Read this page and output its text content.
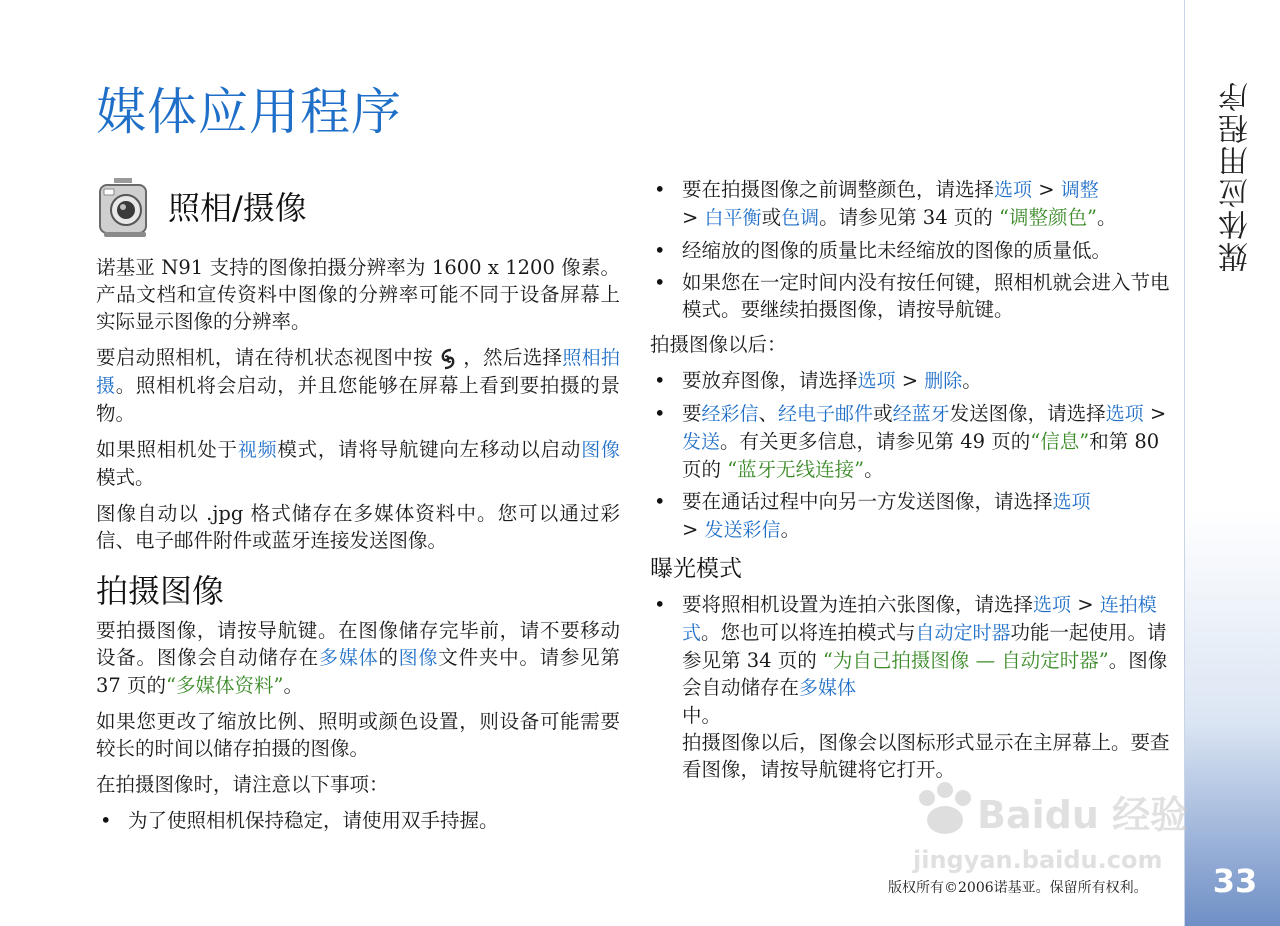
媒体应用程序	媒体应用程序
33
照相/摄像

诺基亚 N91 支持的图像拍摄分辨率为 1600 x 1200 像素。产品文档和宣传资料中图像的分辨率可能不同于设备屏幕上实际显示图像的分辨率。

要启动照相机，请在待机状态视图中按 ，然后选择照相拍摄。照相机将会启动，并且您能够在屏幕上看到要拍摄的景物。

如果照相机处于视频模式，请将导航键向左移动以启动图像模式。

图像自动以 .jpg 格式储存在多媒体资料中。您可以通过彩信、电子邮件附件或蓝牙连接发送图像。

拍摄图像

要拍摄图像，请按导航键。在图像储存完毕前，请不要移动设备。图像会自动储存在多媒体的图像文件夹中。请参见第 37 页的“多媒体资料”。

如果您更改了缩放比例、照明或颜色设置，则设备可能需要较长的时间以储存拍摄的图像。

在拍摄图像时，请注意以下事项：

• 为了使照相机保持稳定，请使用双手持握。
• 要在拍摄图像之前调整颜色，请选择选项 > 调整
> 白平衡或色调。请参见第 34 页的 “调整颜色”。
• 经缩放的图像的质量比未经缩放的图像的质量低。
• 如果您在一定时间内没有按任何键，照相机就会进入节电模式。要继续拍摄图像，请按导航键。

拍摄图像以后：

• 要放弃图像，请选择选项 > 删除。
• 要经彩信、经电子邮件或经蓝牙发送图像，请选择选项 > 发送。有关更多信息，请参见第 49 页的“信息”和第 80 页的 “蓝牙无线连接”。
• 要在通话过程中向另一方发送图像，请选择选项
> 发送彩信。
曝光模式
• 要将照相机设置为连拍六张图像，请选择选项 > 连拍模式。您也可以将连拍模式与自动定时器功能一起使用。请参见第 34 页的 “为自己拍摄图像 — 自动定时器”。图像会自动储存在多媒体
中。
拍摄图像以后，图像会以图标形式显示在主屏幕上。要查看图像，请按导航键将它打开。
Baidu 经验
jingyan.baidu.com
版权所有©2006诺基亚。保留所有权利。
